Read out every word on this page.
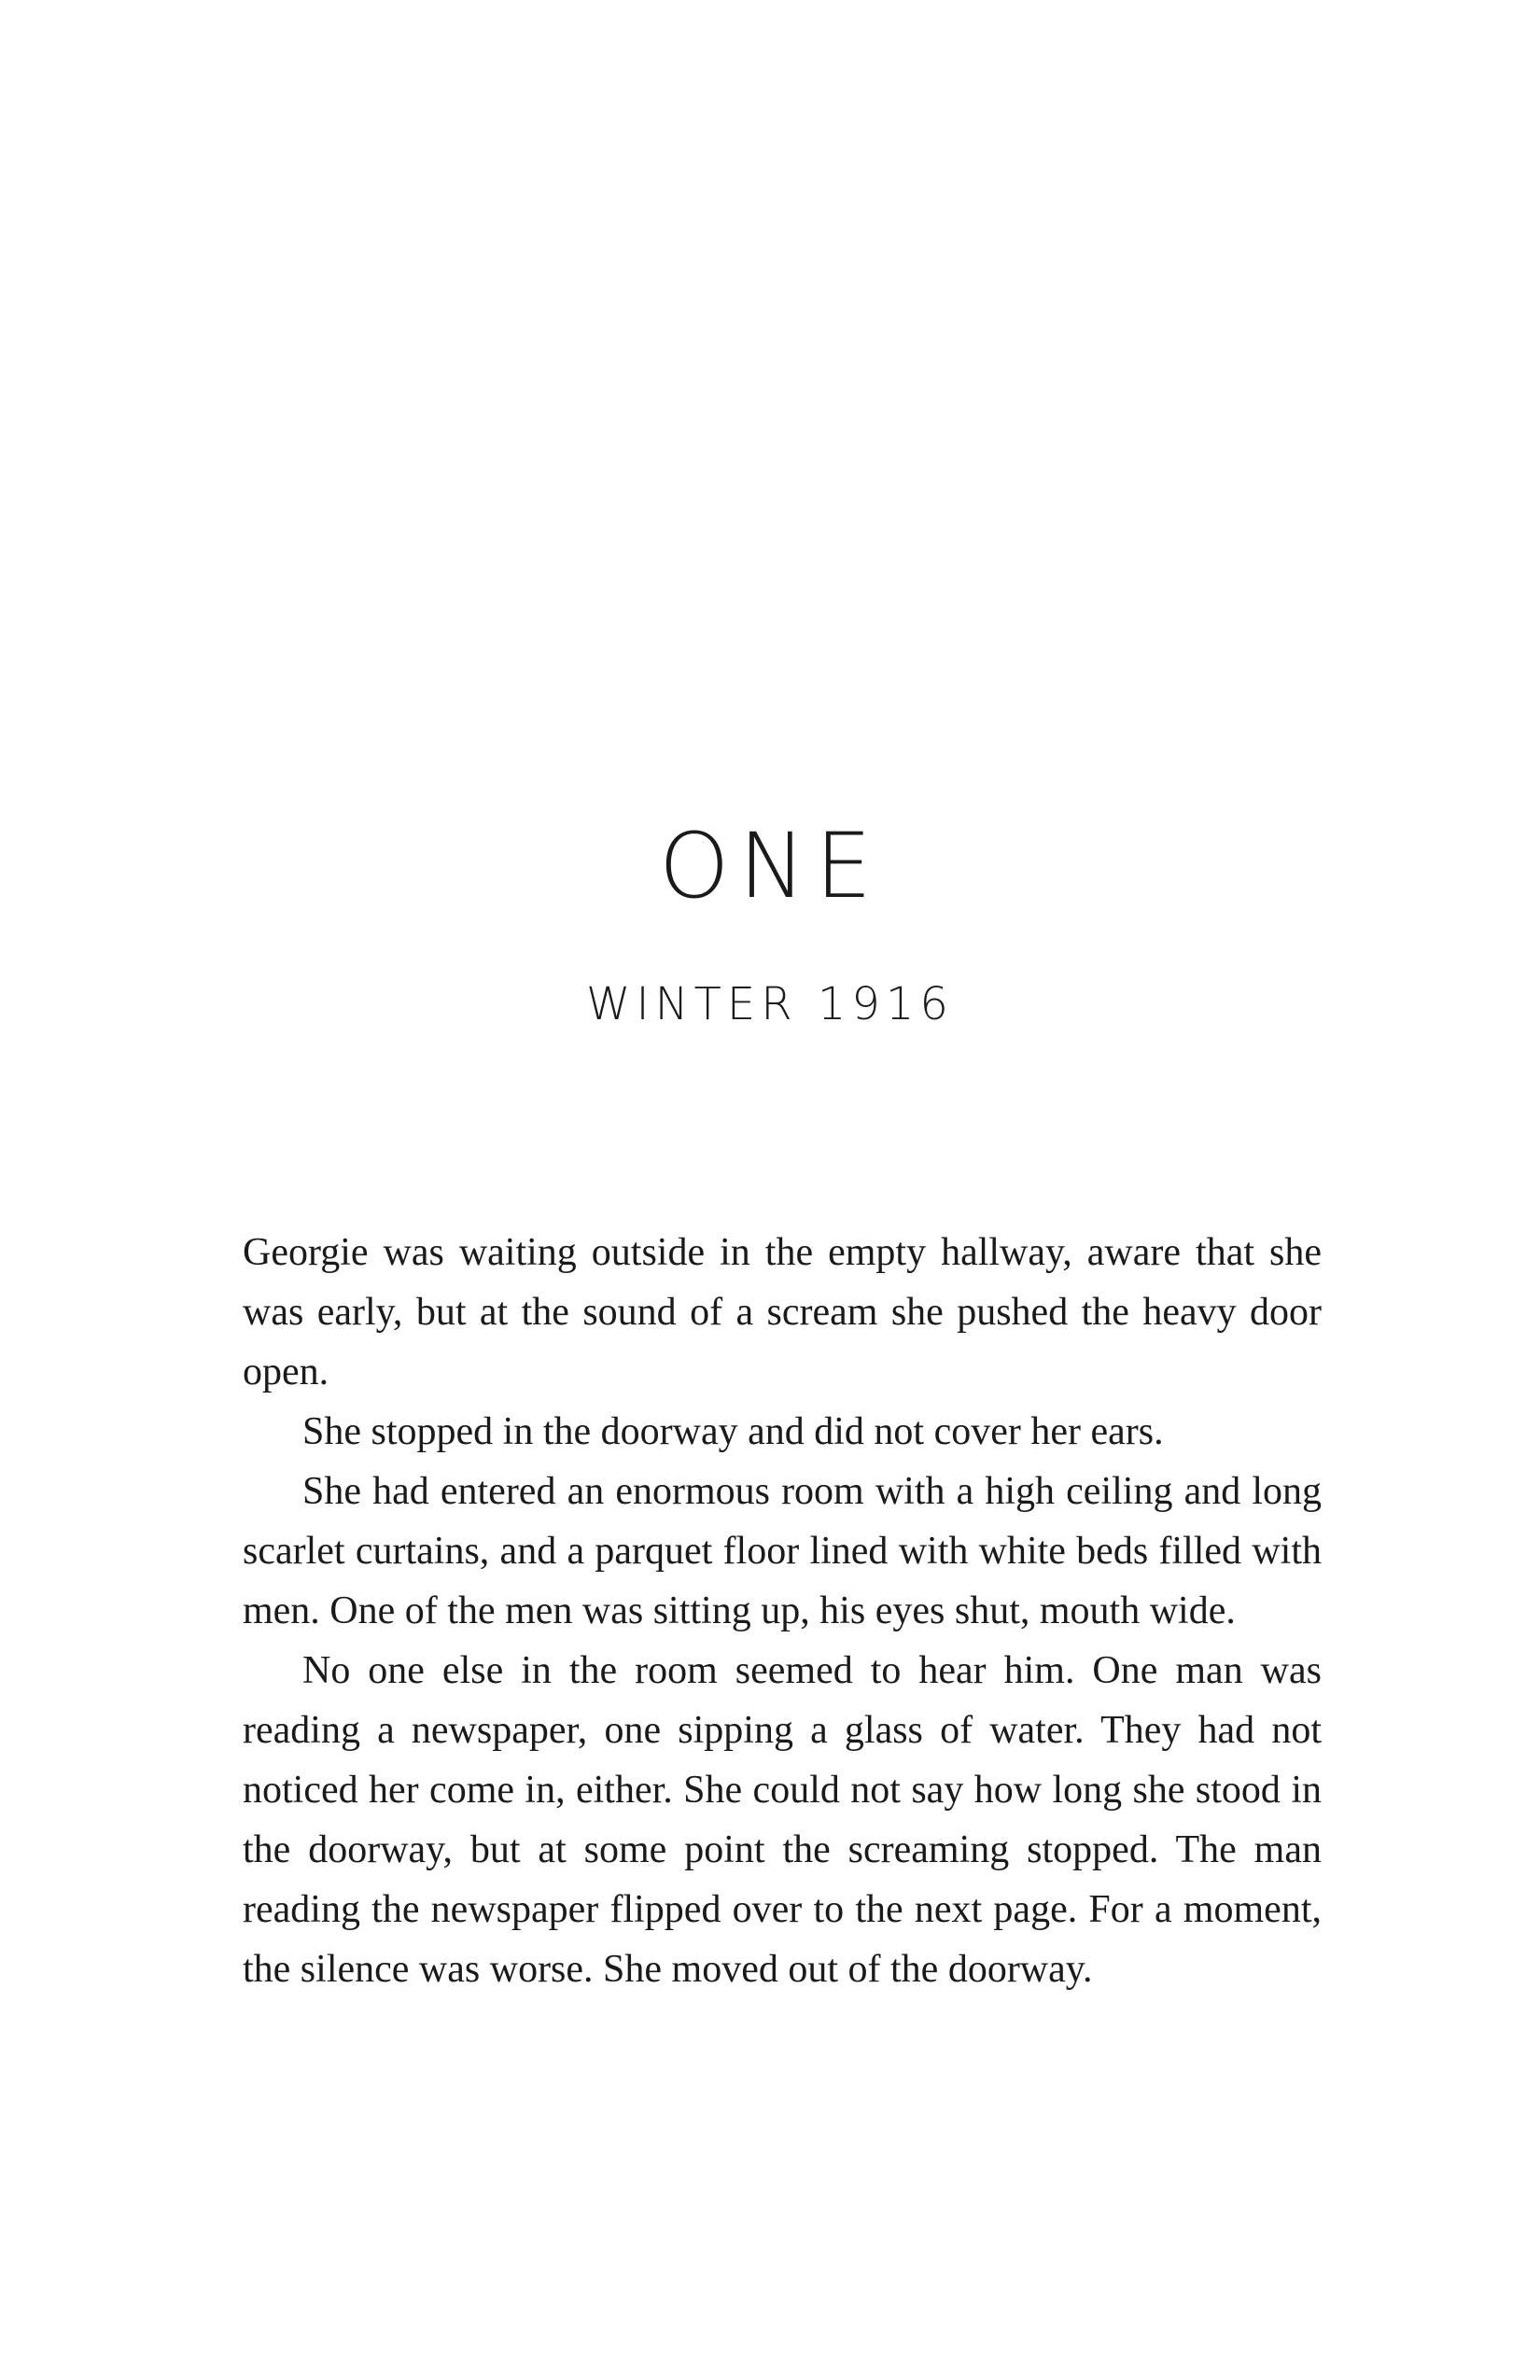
ONE
WINTER 1916

Georgie was waiting outside in the empty hallway, aware that she was early, but at the sound of a scream she pushed the heavy door open.

She stopped in the doorway and did not cover her ears.

She had entered an enormous room with a high ceiling and long scarlet curtains, and a parquet floor lined with white beds filled with men. One of the men was sitting up, his eyes shut, mouth wide.

No one else in the room seemed to hear him. One man was reading a newspaper, one sipping a glass of water. They had not noticed her come in, either. She could not say how long she stood in the doorway, but at some point the screaming stopped. The man reading the newspaper flipped over to the next page. For a moment, the silence was worse. She moved out of the doorway.
